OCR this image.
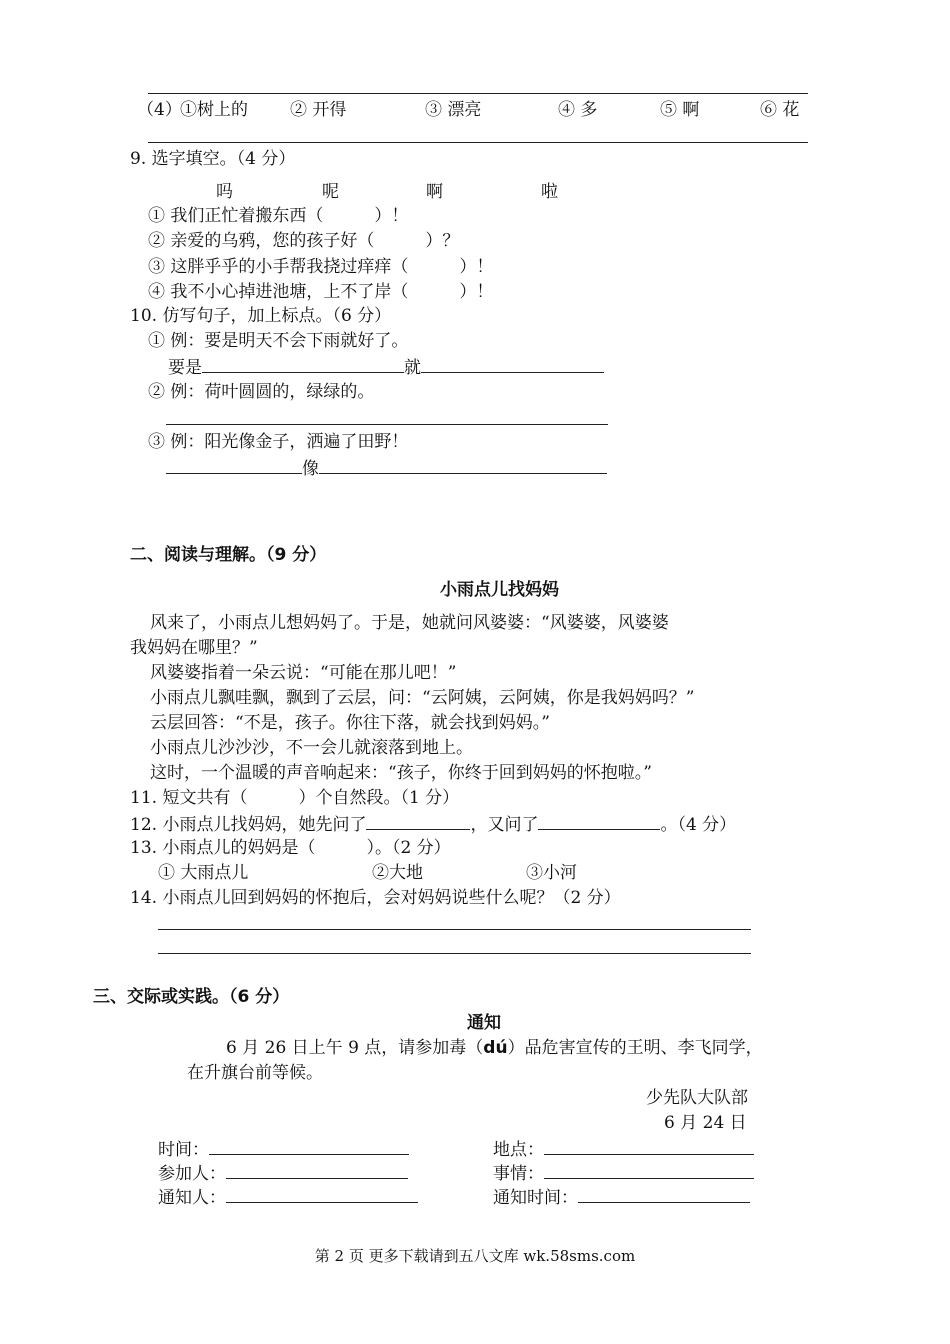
（4）
①树上的 ② 开得	③ 漂亮	④ 多	⑤ 啊	⑥ 花
9. 选字填空。（4 分）
吗	呢	啊	啦
① 我们正忙着搬东西（　　　）！
② 亲爱的乌鸦，您的孩子好（　　　）？
③ 这胖乎乎的小手帮我挠过痒痒（　　　）！
④ 我不小心掉进池塘，上不了岸（　　　）！
10. 仿写句子，加上标点。（6 分）
① 例：要是明天不会下雨就好了。
要是	就
② 例：荷叶圆圆的，绿绿的。
③ 例：阳光像金子，洒遍了田野！
像
二、阅读与理解。（9 分）
小雨点儿找妈妈
风来了，小雨点儿想妈妈了。于是，她就问风婆婆：“风婆婆，风婆婆
我妈妈在哪里？”
风婆婆指着一朵云说：“可能在那儿吧！”
小雨点儿飘哇飘，飘到了云层，问：“云阿姨，云阿姨，你是我妈妈吗？”
云层回答：“不是，孩子。你往下落，就会找到妈妈。”
小雨点儿沙沙沙，不一会儿就滚落到地上。
这时，一个温暖的声音响起来：“孩子，你终于回到妈妈的怀抱啦。”
11. 短文共有（　　　）个自然段。（1 分）
12. 小雨点儿找妈妈，她先问了	，又问了	。（4 分）
13. 小雨点儿的妈妈是（　　　）。（2 分）
① 大雨点儿	②大地	③小河
14. 小雨点儿回到妈妈的怀抱后，会对妈妈说些什么呢？（2 分）
三、交际或实践。（6 分）
通知
6 月 26 日上午 9 点，请参加毒（dú）品危害宣传的王明、李飞同学，
在升旗台前等候。
少先队大队部
6 月 24 日
时间：	地点：
参加人：	事情：
通知人：	通知时间：
第 2 页 更多下载请到五八文库 wk.58sms.com
